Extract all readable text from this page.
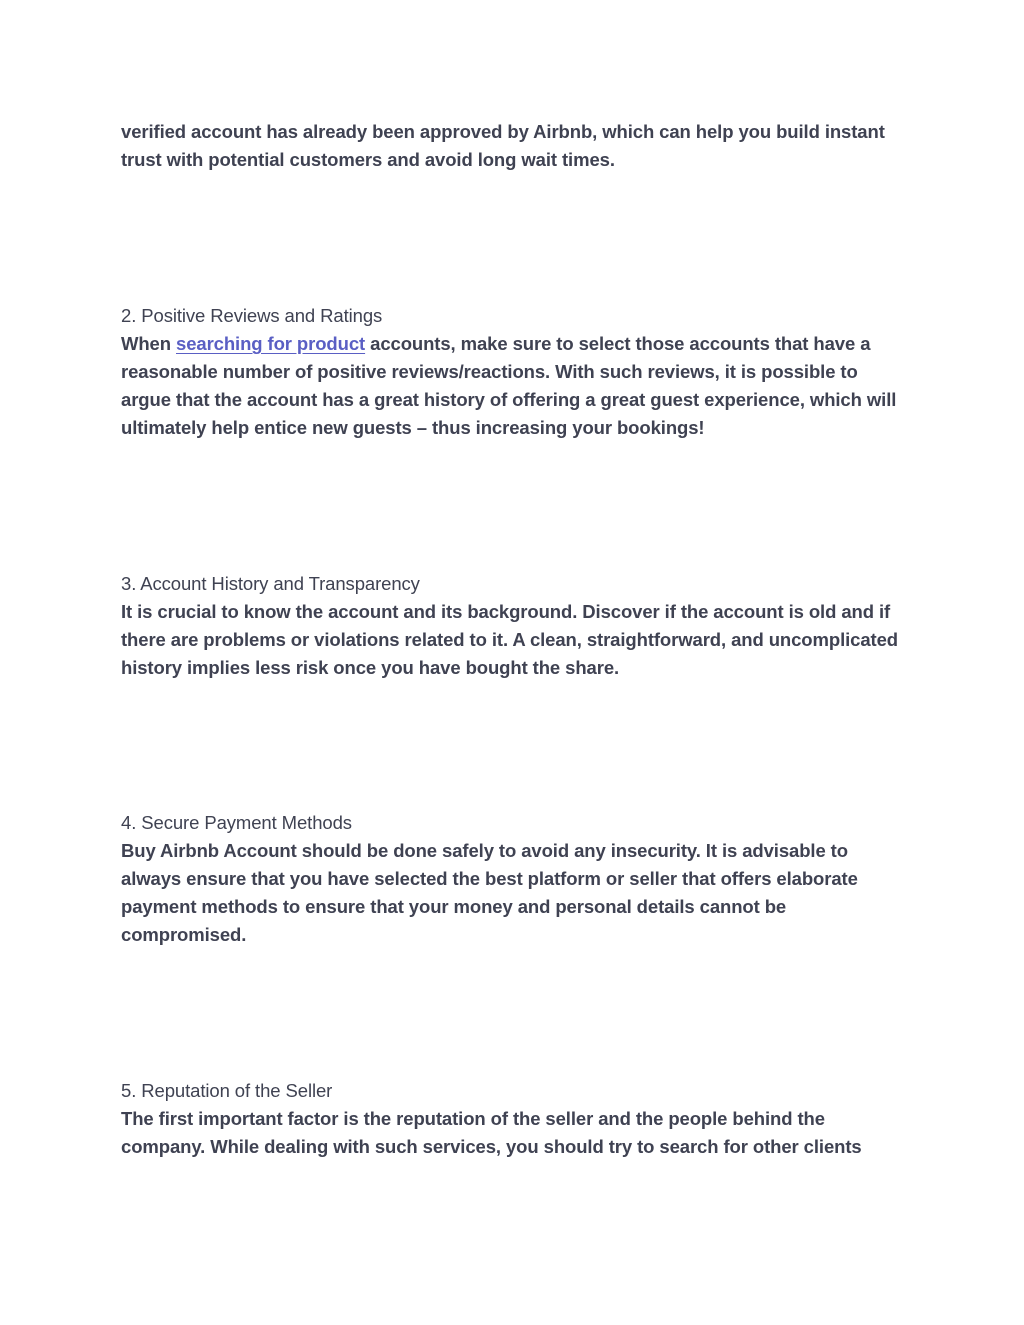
verified account has already been approved by Airbnb, which can help you build instant trust with potential customers and avoid long wait times.

2. Positive Reviews and Ratings

When searching for product accounts, make sure to select those accounts that have a reasonable number of positive reviews/reactions. With such reviews, it is possible to argue that the account has a great history of offering a great guest experience, which will ultimately help entice new guests – thus increasing your bookings!

3. Account History and Transparency

It is crucial to know the account and its background. Discover if the account is old and if there are problems or violations related to it. A clean, straightforward, and uncomplicated history implies less risk once you have bought the share.

4. Secure Payment Methods

Buy Airbnb Account should be done safely to avoid any insecurity. It is advisable to always ensure that you have selected the best platform or seller that offers elaborate payment methods to ensure that your money and personal details cannot be compromised.

5. Reputation of the Seller

The first important factor is the reputation of the seller and the people behind the company. While dealing with such services, you should try to search for other clients
